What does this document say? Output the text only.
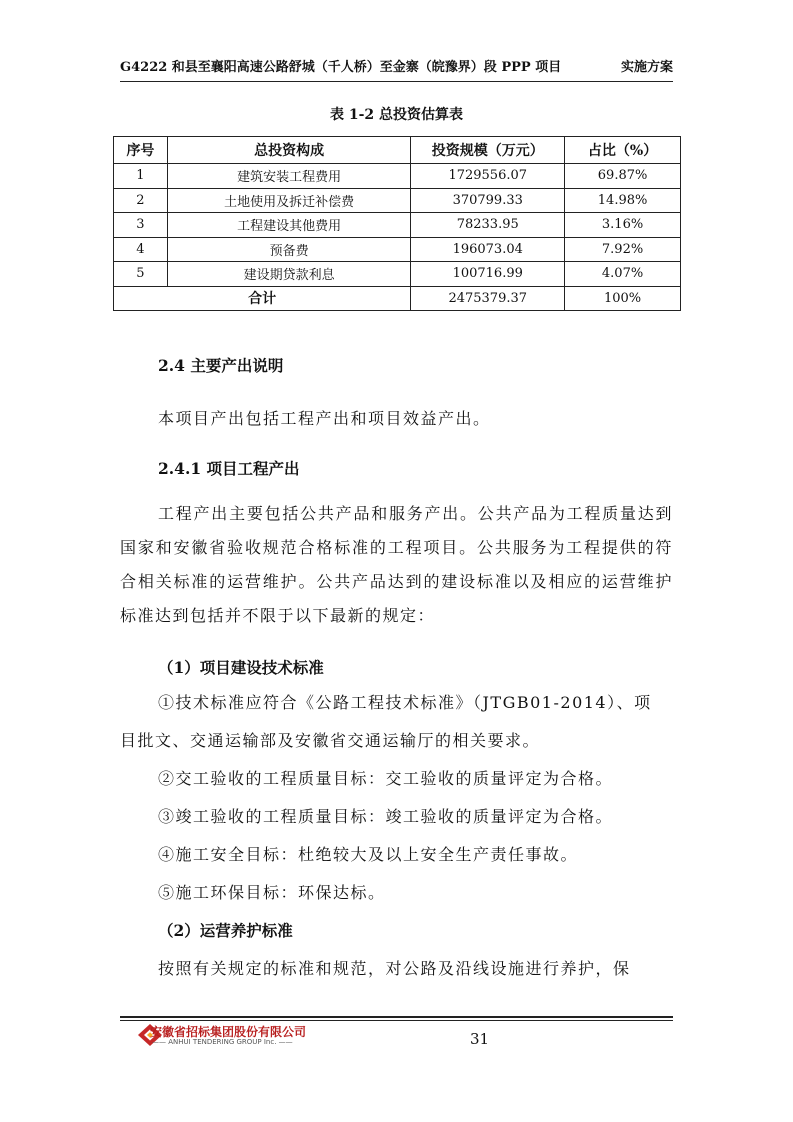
G4222 和县至襄阳高速公路舒城（千人桥）至金寨（皖豫界）段 PPP 项目	实施方案
表 1-2 总投资估算表
序号	总投资构成	投资规模（万元）	占比（%）
1	建筑安装工程费用	1729556.07	69.87%
2	土地使用及拆迁补偿费	370799.33	14.98%
3	工程建设其他费用	78233.95	3.16%
4	预备费	196073.04	7.92%
5	建设期贷款利息	100716.99	4.07%
合计		2475379.37	100%
2.4 主要产出说明
本项目产出包括工程产出和项目效益产出。
2.4.1 项目工程产出
工程产出主要包括公共产品和服务产出。公共产品为工程质量达到国家和安徽省验收规范合格标准的工程项目。公共服务为工程提供的符合相关标准的运营维护。公共产品达到的建设标准以及相应的运营维护标准达到包括并不限于以下最新的规定：
（1）项目建设技术标准
①技术标准应符合《公路工程技术标准》（JTGB01-2014）、项
目批文、交通运输部及安徽省交通运输厅的相关要求。
②交工验收的工程质量目标：交工验收的质量评定为合格。
③竣工验收的工程质量目标：竣工验收的质量评定为合格。
④施工安全目标：杜绝较大及以上安全生产责任事故。
⑤施工环保目标：环保达标。
（2）运营养护标准
按照有关规定的标准和规范，对公路及沿线设施进行养护，保
安徽省招标集团股份有限公司
—— ANHUI TENDERING GROUP Inc. ——	31
